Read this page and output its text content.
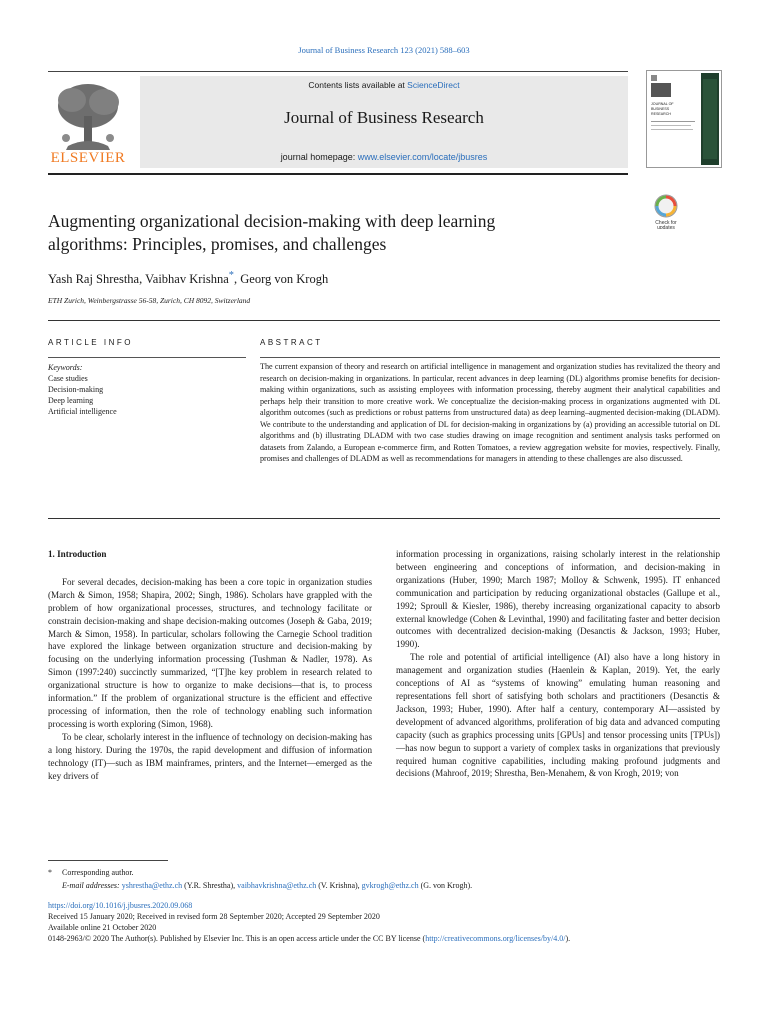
Journal of Business Research 123 (2021) 588–603
ELSEVIER
Contents lists available at ScienceDirect
Journal of Business Research
journal homepage: www.elsevier.com/locate/jbusres
JOURNAL OF
BUSINESS
RESEARCH
Augmenting organizational decision-making with deep learning
algorithms: Principles, promises, and challenges
Check for
updates
Yash Raj Shrestha, Vaibhav Krishna*, Georg von Krogh
ETH Zurich, Weinbergstrasse 56-58, Zurich, CH 8092, Switzerland
ARTICLE INFO	ABSTRACT
Keywords:
Case studies
Decision-making
Deep learning
Artificial intelligence
The current expansion of theory and research on artificial intelligence in management and organization studies has revitalized the theory and research on decision-making in organizations. In particular, recent advances in deep learning (DL) algorithms promise benefits for decision-making within organizations, such as assisting employees with information processing, thereby augment their analytical capabilities and perhaps help their transition to more creative work. We conceptualize the decision-making process in organizations augmented with DL algorithm outcomes (such as predictions or robust patterns from unstructured data) as deep learning–augmented decision-making (DLADM). We contribute to the understanding and application of DL for decision-making in organizations by (a) providing an accessible tutorial on DL algorithms and (b) illustrating DLADM with two case studies drawing on image recognition and sentiment analysis tasks performed on datasets from Zalando, a European e-commerce firm, and Rotten Tomatoes, a review aggregation website for movies, respectively. Finally, promises and challenges of DLADM as well as recommendations for managers in attending to these challenges are also discussed.

1. Introduction

For several decades, decision-making has been a core topic in organization studies (March & Simon, 1958; Shapira, 2002; Singh, 1986). Scholars have grappled with the problem of how organizational processes, structures, and technology facilitate or constrain decision-making and shape decision-making outcomes (Joseph & Gaba, 2019; March & Simon, 1958). In particular, scholars following the Carnegie School tradition have explored the linkage between organization structure and decision-making by focusing on the underlying information processing (Tushman & Nadler, 1978). As Simon (1997:240) succinctly summarized, “[T]he key problem in research related to organizational structure is how to organize to make decisions—that is, to process information.” If the problem of organizational structure is the efficient and effective processing of information, then the role of technology enabling such information processing is worth exploring (Simon, 1968).

To be clear, scholarly interest in the influence of technology on decision-making has a long history. During the 1970s, the rapid development and diffusion of information technology (IT)—such as IBM mainframes, printers, and the Internet—emerged as the key drivers of

information processing in organizations, raising scholarly interest in the relationship between engineering and conceptions of information, and decision-making in organizations (Huber, 1990; March 1987; Molloy & Schwenk, 1995). IT enhanced communication and participation by reducing organizational obstacles (Gallupe et al., 1992; Sproull & Kiesler, 1986), thereby increasing organizational capacity to absorb external knowledge (Cohen & Levinthal, 1990) and facilitating faster and better decision outcomes with decentralized decision-making (Desanctis & Jackson, 1993; Huber, 1990).

The role and potential of artificial intelligence (AI) also have a long history in management and organization studies (Haenlein & Kaplan, 2019). Yet, the early conceptions of AI as “systems of knowing” emulating human reasoning and representations fell short of satisfying both scholars and practitioners (Desanctis & Jackson, 1993; Huber, 1990). After half a century, contemporary AI—assisted by development of advanced algorithms, proliferation of big data and advanced computing capacity (such as graphics processing units [GPUs] and tensor processing units [TPUs])—has now begun to support a variety of complex tasks in organizations that previously required human cognitive capabilities, including making profound judgments and decisions (Mahroof, 2019; Shrestha, Ben-Menahem, & von Krogh, 2019; von

* Corresponding author.
E-mail addresses: yshrestha@ethz.ch (Y.R. Shrestha), vaibhavkrishna@ethz.ch (V. Krishna), gvkrogh@ethz.ch (G. von Krogh).
https://doi.org/10.1016/j.jbusres.2020.09.068
Received 15 January 2020; Received in revised form 28 September 2020; Accepted 29 September 2020
Available online 21 October 2020
0148-2963/© 2020 The Author(s). Published by Elsevier Inc. This is an open access article under the CC BY license (http://creativecommons.org/licenses/by/4.0/).
